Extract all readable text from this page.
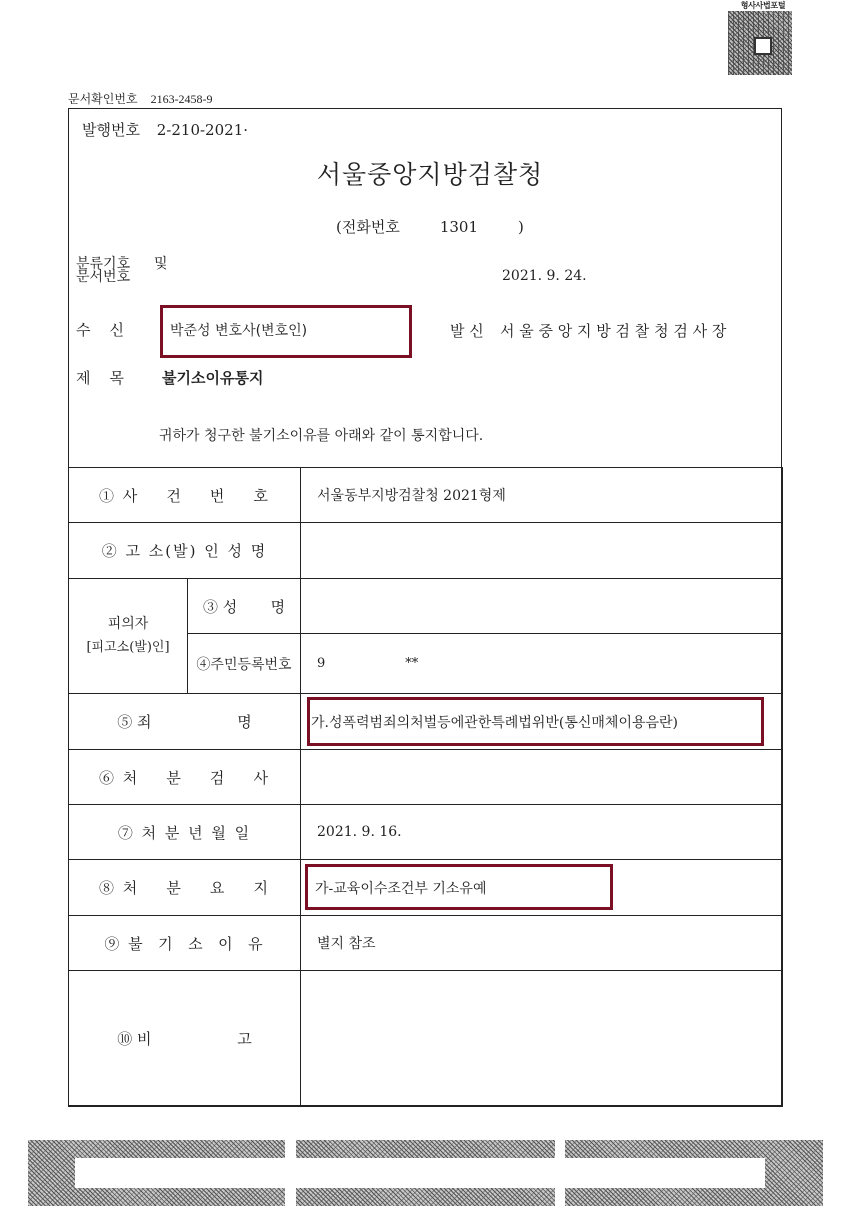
형사사법포털
문서확인번호 2163-2458-9
발행번호 2-210-2021·
서울중앙지방검찰청
(전화번호	1301	)
분류기호
문서번호
및
2021. 9. 24.
수    신	박준성 변호사(변호인)	발 신 서 울 중 앙 지 방 검 찰 청 검 사 장
제    목	불기소이유통지
귀하가 청구한 불기소이유를 아래와 같이 통지합니다.
① 사    건    번    호		서울동부지방검찰청 2021형제
② 고 소(발) 인 성 명		

피의자
[피고소(발)인]	③ 성       명	
	④주민등록번호	9 **
⑤ 죄                  명		가.성폭력범죄의처벌등에관한특례법위반(통신매체이용음란)
⑥ 처    분    검    사		
⑦ 처 분 년 월 일		2021. 9. 16.
⑧ 처    분    요    지		가-교육이수조건부 기소유예
⑨ 불  기  소  이  유		별지 참조
⑩ 비                  고		
